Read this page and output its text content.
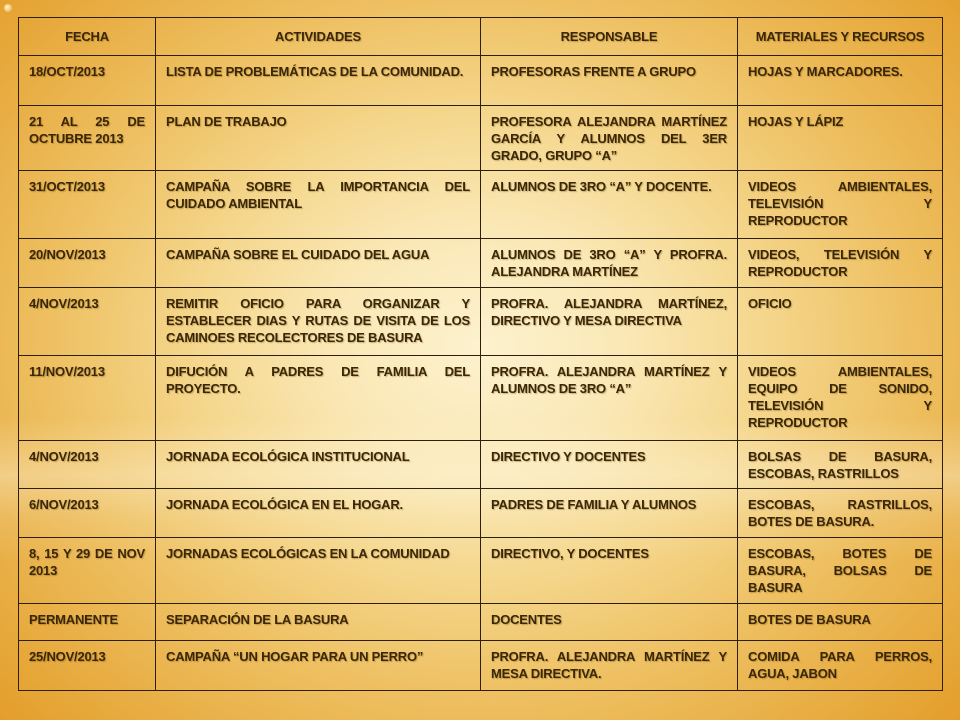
FECHA	ACTIVIDADES	RESPONSABLE	MATERIALES Y RECURSOS
18/OCT/2013	LISTA DE PROBLEMÁTICAS DE LA COMUNIDAD.	PROFESORAS FRENTE A GRUPO	HOJAS Y MARCADORES.
21 AL 25 DE OCTUBRE 2013	PLAN DE TRABAJO	PROFESORA ALEJANDRA MARTÍNEZ GARCÍA Y ALUMNOS DEL 3ER GRADO, GRUPO “A”	HOJAS Y LÁPIZ
31/OCT/2013	CAMPAÑA SOBRE LA IMPORTANCIA DEL CUIDADO AMBIENTAL	ALUMNOS DE 3RO “A” Y DOCENTE.	VIDEOS AMBIENTALES, TELEVISIÓN Y REPRODUCTOR
20/NOV/2013	CAMPAÑA SOBRE EL CUIDADO DEL AGUA	ALUMNOS DE 3RO “A” Y PROFRA. ALEJANDRA MARTÍNEZ	VIDEOS, TELEVISIÓN Y REPRODUCTOR
4/NOV/2013	REMITIR OFICIO PARA ORGANIZAR Y ESTABLECER DIAS Y RUTAS DE VISITA DE LOS CAMINOES RECOLECTORES DE BASURA	PROFRA. ALEJANDRA MARTÍNEZ, DIRECTIVO Y MESA DIRECTIVA	OFICIO
11/NOV/2013	DIFUCIÓN A PADRES DE FAMILIA DEL PROYECTO.	PROFRA. ALEJANDRA MARTÍNEZ Y ALUMNOS DE 3RO “A”	VIDEOS AMBIENTALES, EQUIPO DE SONIDO, TELEVISIÓN Y REPRODUCTOR
4/NOV/2013	JORNADA ECOLÓGICA INSTITUCIONAL	DIRECTIVO Y DOCENTES	BOLSAS DE BASURA, ESCOBAS, RASTRILLOS
6/NOV/2013	JORNADA ECOLÓGICA EN EL HOGAR.	PADRES DE FAMILIA Y ALUMNOS	ESCOBAS, RASTRILLOS, BOTES DE BASURA.
8, 15 Y 29 DE NOV 2013	JORNADAS ECOLÓGICAS EN LA COMUNIDAD	DIRECTIVO, Y DOCENTES	ESCOBAS, BOTES DE BASURA, BOLSAS DE BASURA
PERMANENTE	SEPARACIÓN DE LA BASURA	DOCENTES	BOTES DE BASURA
25/NOV/2013	CAMPAÑA “UN HOGAR PARA UN PERRO”	PROFRA. ALEJANDRA MARTÍNEZ Y MESA DIRECTIVA.	COMIDA PARA PERROS, AGUA, JABON
